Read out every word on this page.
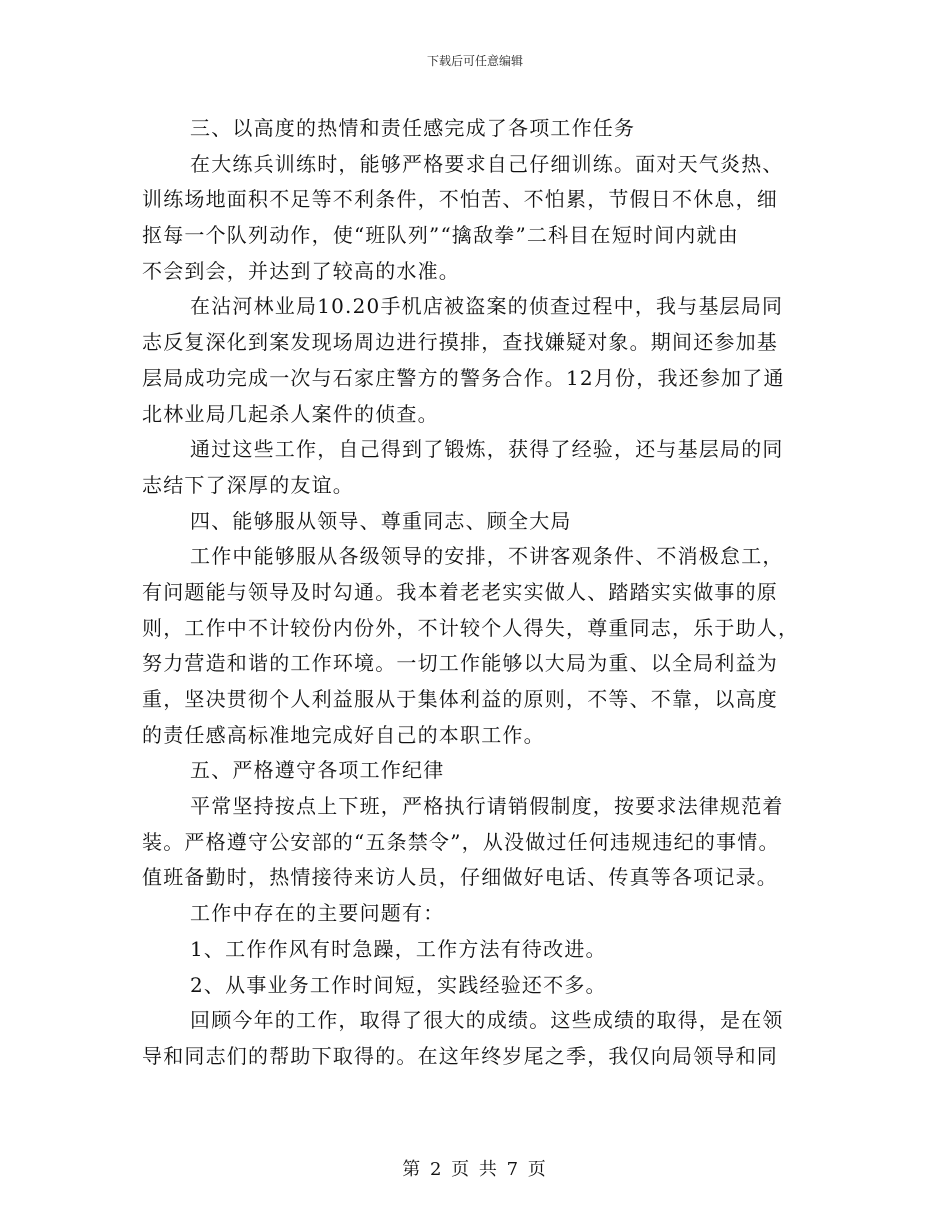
下载后可任意编辑
三、以高度的热情和责任感完成了各项工作任务
在大练兵训练时，能够严格要求自己仔细训练。面对天气炎热、
训练场地面积不足等不利条件，不怕苦、不怕累，节假日不休息，细
抠每一个队列动作，使“班队列”“擒敌拳”二科目在短时间内就由
不会到会，并达到了较高的水准。
在沾河林业局10.20手机店被盗案的侦查过程中，我与基层局同
志反复深化到案发现场周边进行摸排，查找嫌疑对象。期间还参加基
层局成功完成一次与石家庄警方的警务合作。12月份，我还参加了通
北林业局几起杀人案件的侦查。
通过这些工作，自己得到了锻炼，获得了经验，还与基层局的同
志结下了深厚的友谊。
四、能够服从领导、尊重同志、顾全大局
工作中能够服从各级领导的安排，不讲客观条件、不消极怠工，
有问题能与领导及时勾通。我本着老老实实做人、踏踏实实做事的原
则，工作中不计较份内份外，不计较个人得失，尊重同志，乐于助人，
努力营造和谐的工作环境。一切工作能够以大局为重、以全局利益为
重，坚决贯彻个人利益服从于集体利益的原则，不等、不靠，以高度
的责任感高标准地完成好自己的本职工作。
五、严格遵守各项工作纪律
平常坚持按点上下班，严格执行请销假制度，按要求法律规范着
装。严格遵守公安部的“五条禁令”，从没做过任何违规违纪的事情。
值班备勤时，热情接待来访人员，仔细做好电话、传真等各项记录。
工作中存在的主要问题有：
1、工作作风有时急躁，工作方法有待改进。
2、从事业务工作时间短，实践经验还不多。
回顾今年的工作，取得了很大的成绩。这些成绩的取得，是在领
导和同志们的帮助下取得的。在这年终岁尾之季，我仅向局领导和同
第 2 页 共 7 页
